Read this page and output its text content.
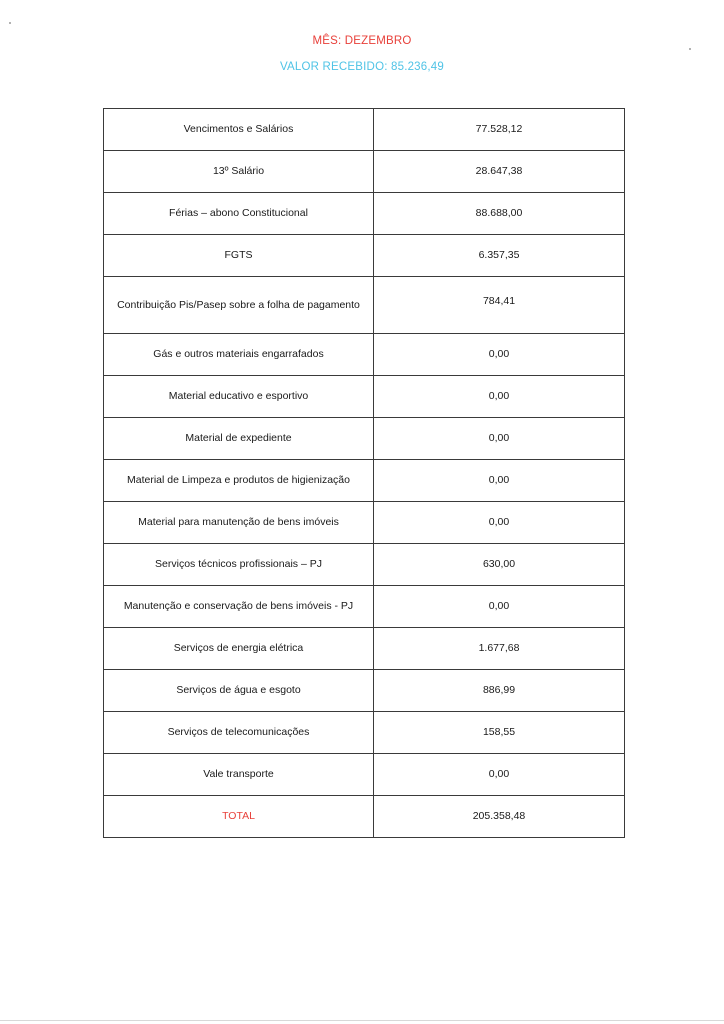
MÊS: DEZEMBRO
VALOR RECEBIDO: 85.236,49
Vencimentos e Salários	77.528,12
13º Salário	28.647,38
Férias – abono Constitucional	88.688,00
FGTS	6.357,35
Contribuição Pis/Pasep sobre a folha de pagamento	784,41
Gás e outros materiais engarrafados	0,00
Material educativo e esportivo	0,00
Material de expediente	0,00
Material de Limpeza e produtos de higienização	0,00
Material para manutenção de bens imóveis	0,00
Serviços técnicos profissionais – PJ	630,00
Manutenção e conservação de bens imóveis - PJ	0,00
Serviços de energia elétrica	1.677,68
Serviços de água e esgoto	886,99
Serviços de telecomunicações	158,55
Vale transporte	0,00
TOTAL	205.358,48
